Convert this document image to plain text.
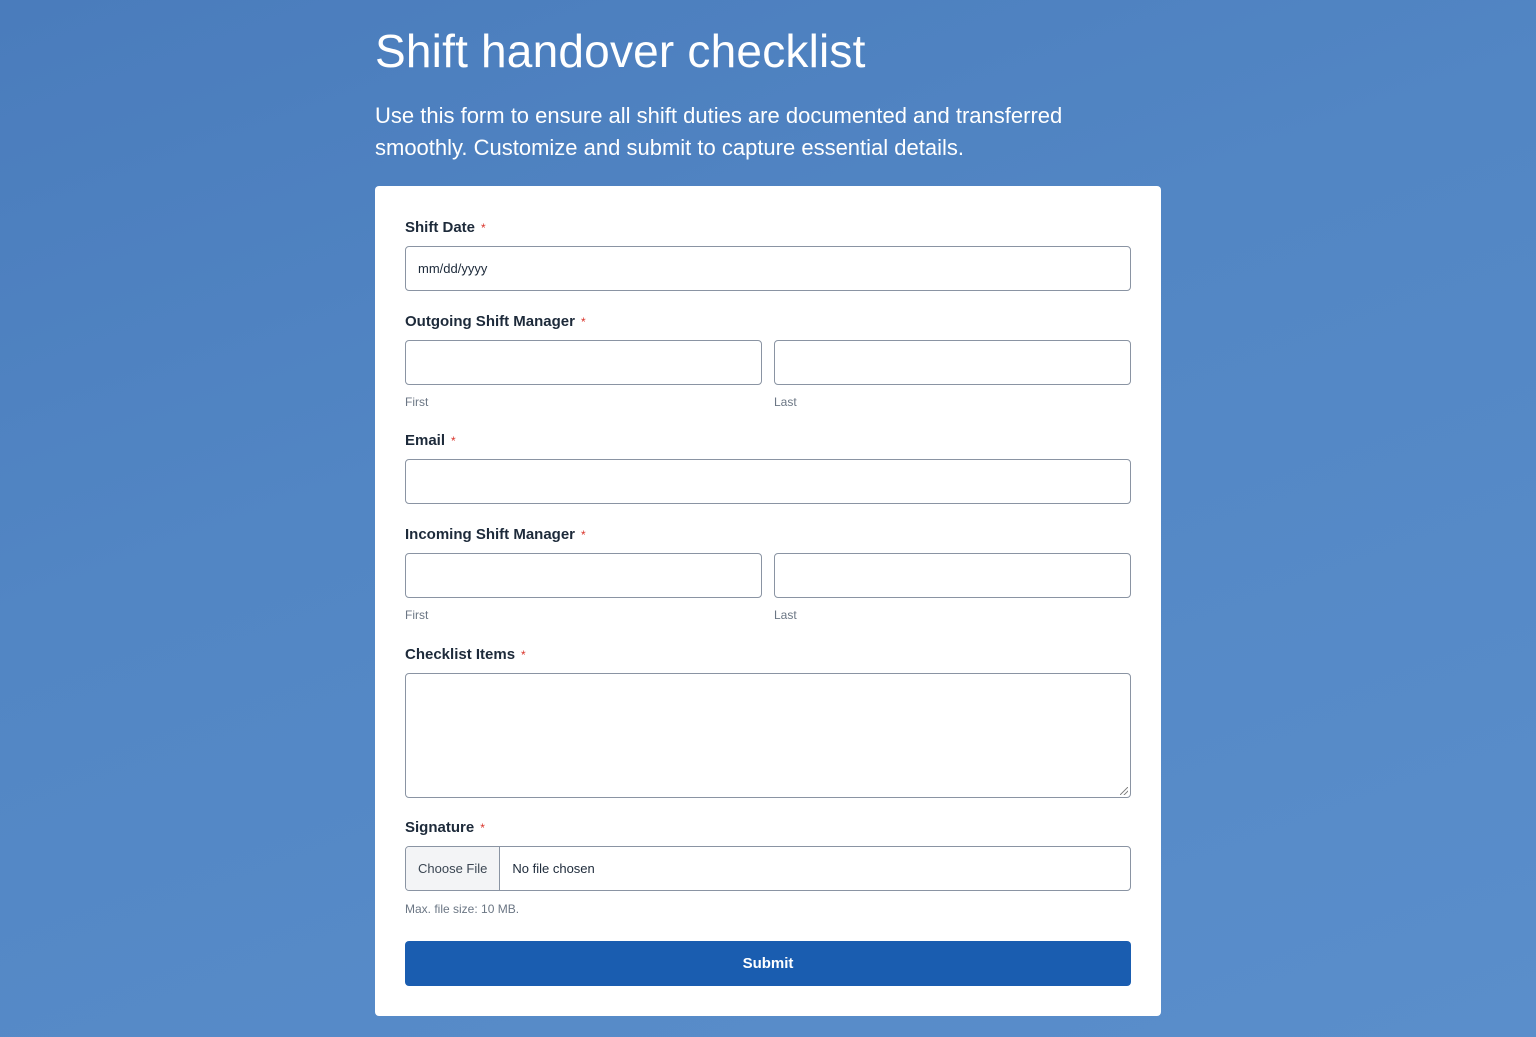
Shift handover checklist
Use this form to ensure all shift duties are documented and transferred smoothly. Customize and submit to capture essential details.
Shift Date *
mm/dd/yyyy
Outgoing Shift Manager *
First	Last
Email *
Incoming Shift Manager *
First	Last
Checklist Items *
Signature *
Choose File	No file chosen
Max. file size: 10 MB.
Submit
